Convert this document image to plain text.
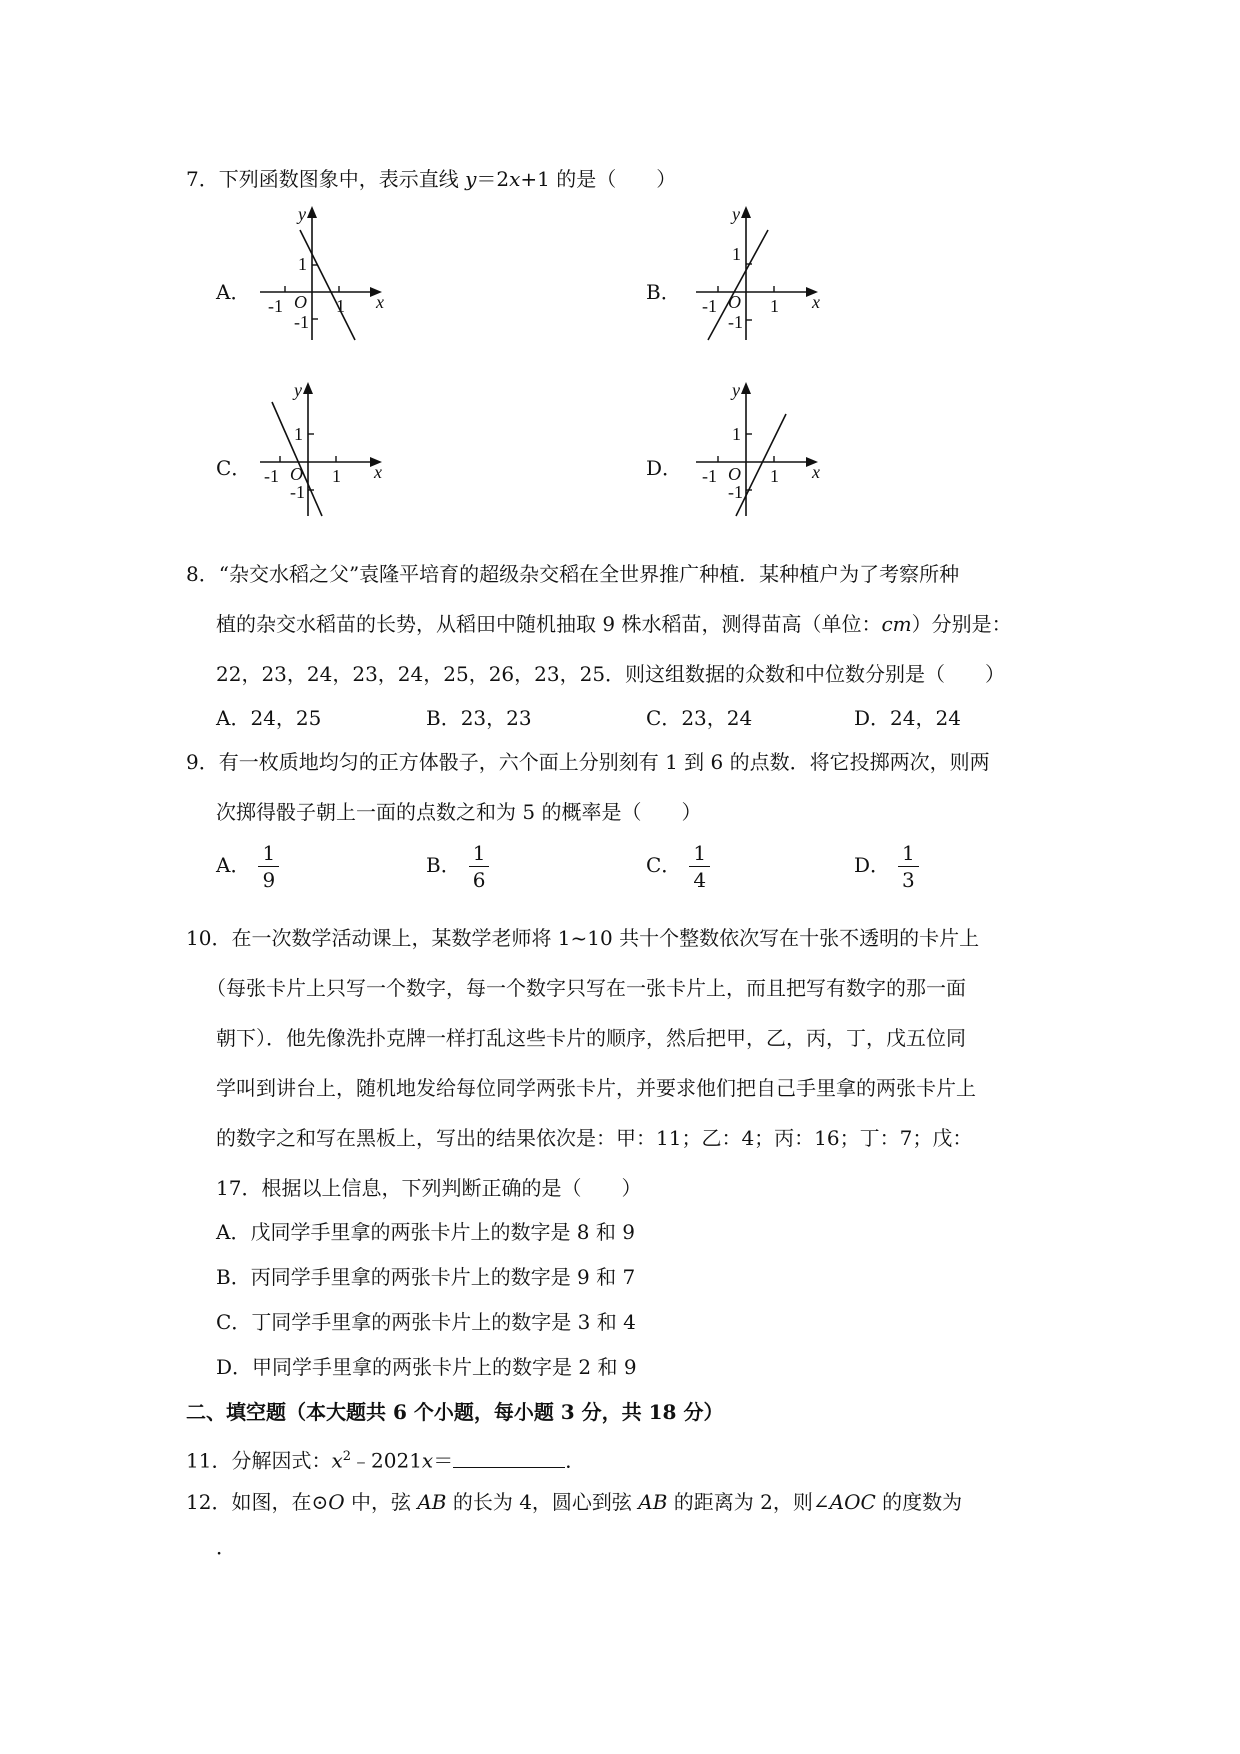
7．下列函数图象中，表示直线 y＝2x+1 的是（　　）
A．	B．
C．	D．
y
x
O
1
1
-1
-1
y
x
O
1
1
-1
-1
y
x
O
1
1
-1
-1
y
x
O
1
1
-1
-1
8．“杂交水稻之父”袁隆平培育的超级杂交稻在全世界推广种植．某种植户为了考察所种
植的杂交水稻苗的长势，从稻田中随机抽取 9 株水稻苗，测得苗高（单位：cm）分别是：
22，23，24，23，24，25，26，23，25．则这组数据的众数和中位数分别是（　　）
A．24，25	B．23，23	C．23，24	D．24，24
9．有一枚质地均匀的正方体骰子，六个面上分别刻有 1 到 6 的点数．将它投掷两次，则两
次掷得骰子朝上一面的点数之和为 5 的概率是（　　）
A． $\frac{1}{9}$	B． $\frac{1}{6}$	C． $\frac{1}{4}$	D． $\frac{1}{3}$
10．在一次数学活动课上，某数学老师将 1~10 共十个整数依次写在十张不透明的卡片上
（每张卡片上只写一个数字，每一个数字只写在一张卡片上，而且把写有数字的那一面
朝下）．他先像洗扑克牌一样打乱这些卡片的顺序，然后把甲，乙，丙，丁，戊五位同
学叫到讲台上，随机地发给每位同学两张卡片，并要求他们把自己手里拿的两张卡片上
的数字之和写在黑板上，写出的结果依次是：甲：11；乙：4；丙：16；丁：7；戊：
17．根据以上信息，下列判断正确的是（　　）
A．戊同学手里拿的两张卡片上的数字是 8 和 9
B．丙同学手里拿的两张卡片上的数字是 9 和 7
C．丁同学手里拿的两张卡片上的数字是 3 和 4
D．甲同学手里拿的两张卡片上的数字是 2 和 9
二、填空题（本大题共 6 个小题，每小题 3 分，共 18 分）
11．分解因式：$x^2﹣2021x=$	．
12．如图，在⊙O 中，弦 AB 的长为 4，圆心到弦 AB 的距离为 2，则∠AOC 的度数为
．
